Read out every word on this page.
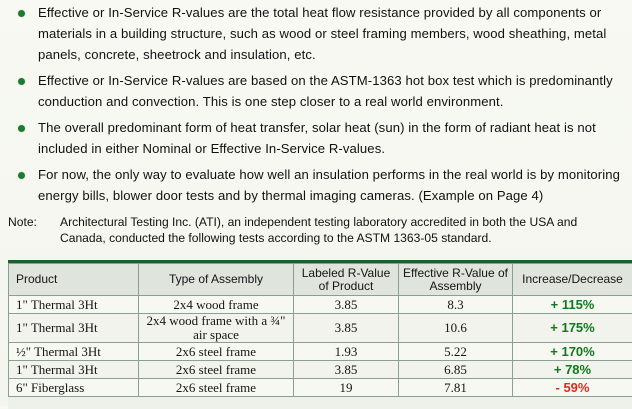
Effective or In-Service R-values are the total heat flow resistance provided by all components or materials in a building structure, such as wood or steel framing members, wood sheathing, metal panels, concrete, sheetrock and insulation, etc.
Effective or In-Service R-values are based on the ASTM-1363 hot box test which is predominantly conduction and convection. This is one step closer to a real world environment.
The overall predominant form of heat transfer, solar heat (sun) in the form of radiant heat is not included in either Nominal or Effective In-Service R-values.
For now, the only way to evaluate how well an insulation performs in the real world is by monitoring energy bills, blower door tests and by thermal imaging cameras. (Example on Page 4)
Note:	Architectural Testing Inc. (ATI), an independent testing laboratory accredited in both the USA and Canada, conducted the following tests according to the ASTM 1363-05 standard.
Product	Type of Assembly	Labeled R-Value of Product	Effective R-Value of Assembly	Increase/Decrease
1" Thermal 3Ht	2x4 wood frame	3.85	8.3	+ 115%
1" Thermal 3Ht	2x4 wood frame with a ¾" air space	3.85	10.6	+ 175%
½" Thermal 3Ht	2x6 steel frame	1.93	5.22	+ 170%
1" Thermal 3Ht	2x6 steel frame	3.85	6.85	+ 78%
6" Fiberglass	2x6 steel frame	19	7.81	- 59%
